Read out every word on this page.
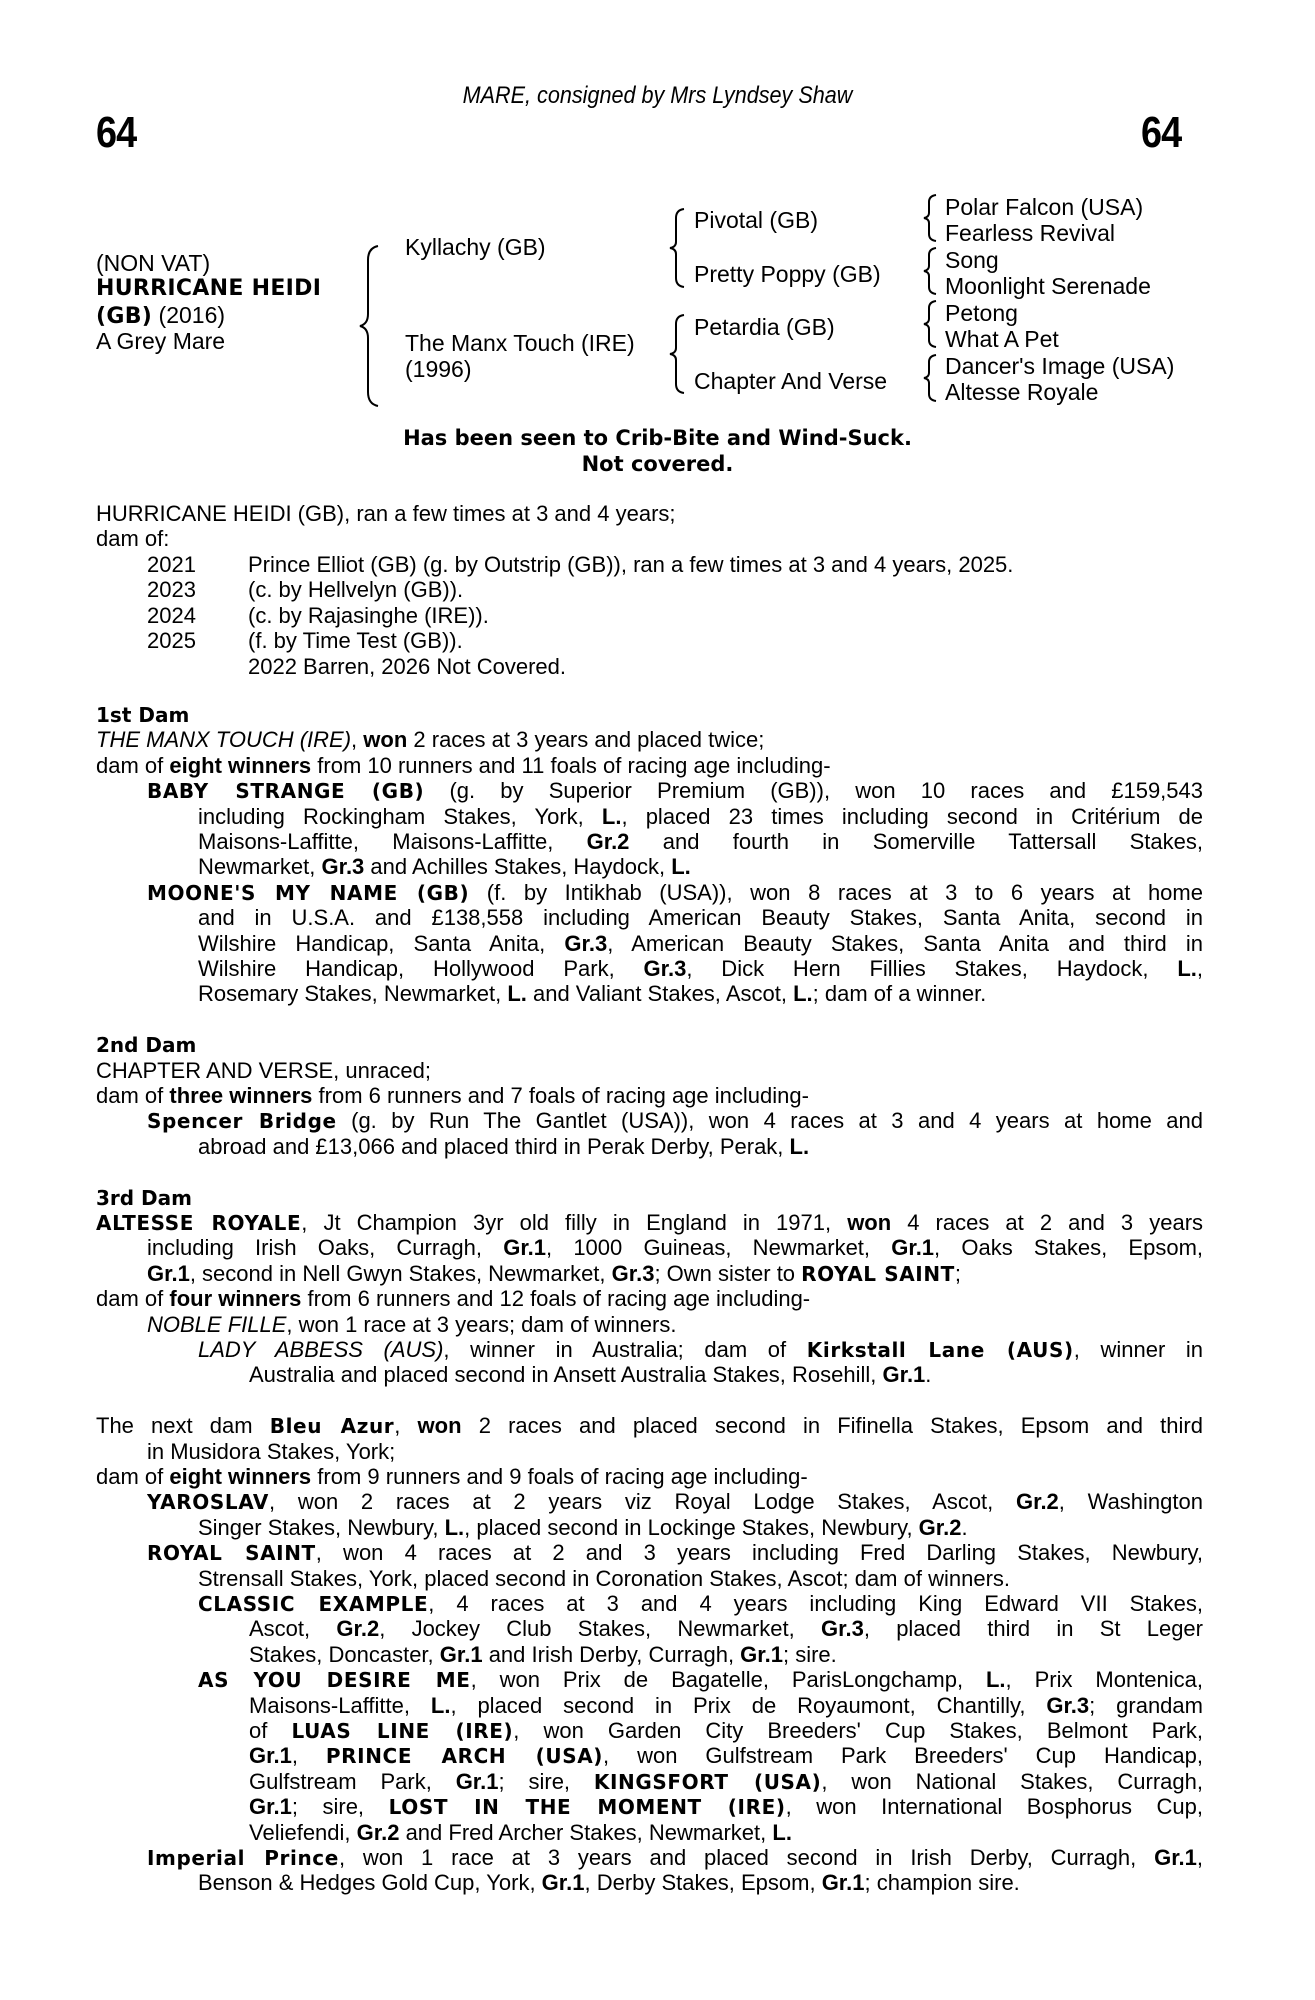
MARE, consigned by Mrs Lyndsey Shaw
64	64
(NON VAT)
HURRICANE HEIDI
(GB) (2016)
A Grey Mare
Kyllachy (GB)
The Manx Touch (IRE)
(1996)
Pivotal (GB)
Pretty Poppy (GB)
Petardia (GB)
Chapter And Verse
Polar Falcon (USA)
Fearless Revival
Song
Moonlight Serenade
Petong
What A Pet
Dancer's Image (USA)
Altesse Royale
Has been seen to Crib-Bite and Wind-Suck.
Not covered.
HURRICANE HEIDI (GB), ran a few times at 3 and 4 years;
dam of:
2021 Prince Elliot (GB) (g. by Outstrip (GB)), ran a few times at 3 and 4 years, 2025.
2023 (c. by Hellvelyn (GB)).
2024 (c. by Rajasinghe (IRE)).
2025 (f. by Time Test (GB)).
2022 Barren, 2026 Not Covered.
1st Dam
THE MANX TOUCH (IRE), won 2 races at 3 years and placed twice;
dam of eight winners from 10 runners and 11 foals of racing age including-
BABY STRANGE (GB) (g. by Superior Premium (GB)), won 10 races and £159,543
including Rockingham Stakes, York, L., placed 23 times including second in Critérium de
Maisons-Laffitte, Maisons-Laffitte, Gr.2 and fourth in Somerville Tattersall Stakes,
Newmarket, Gr.3 and Achilles Stakes, Haydock, L.
MOONE'S MY NAME (GB) (f. by Intikhab (USA)), won 8 races at 3 to 6 years at home
and in U.S.A. and £138,558 including American Beauty Stakes, Santa Anita, second in
Wilshire Handicap, Santa Anita, Gr.3, American Beauty Stakes, Santa Anita and third in
Wilshire Handicap, Hollywood Park, Gr.3, Dick Hern Fillies Stakes, Haydock, L.,
Rosemary Stakes, Newmarket, L. and Valiant Stakes, Ascot, L.; dam of a winner.
2nd Dam
CHAPTER AND VERSE, unraced;
dam of three winners from 6 runners and 7 foals of racing age including-
Spencer Bridge (g. by Run The Gantlet (USA)), won 4 races at 3 and 4 years at home and
abroad and £13,066 and placed third in Perak Derby, Perak, L.
3rd Dam
ALTESSE ROYALE, Jt Champion 3yr old filly in England in 1971, won 4 races at 2 and 3 years
including Irish Oaks, Curragh, Gr.1, 1000 Guineas, Newmarket, Gr.1, Oaks Stakes, Epsom,
Gr.1, second in Nell Gwyn Stakes, Newmarket, Gr.3; Own sister to ROYAL SAINT;
dam of four winners from 6 runners and 12 foals of racing age including-
NOBLE FILLE, won 1 race at 3 years; dam of winners.
LADY ABBESS (AUS), winner in Australia; dam of Kirkstall Lane (AUS), winner in
Australia and placed second in Ansett Australia Stakes, Rosehill, Gr.1.
The next dam Bleu Azur, won 2 races and placed second in Fifinella Stakes, Epsom and third
in Musidora Stakes, York;
dam of eight winners from 9 runners and 9 foals of racing age including-
YAROSLAV, won 2 races at 2 years viz Royal Lodge Stakes, Ascot, Gr.2, Washington
Singer Stakes, Newbury, L., placed second in Lockinge Stakes, Newbury, Gr.2.
ROYAL SAINT, won 4 races at 2 and 3 years including Fred Darling Stakes, Newbury,
Strensall Stakes, York, placed second in Coronation Stakes, Ascot; dam of winners.
CLASSIC EXAMPLE, 4 races at 3 and 4 years including King Edward VII Stakes,
Ascot, Gr.2, Jockey Club Stakes, Newmarket, Gr.3, placed third in St Leger
Stakes, Doncaster, Gr.1 and Irish Derby, Curragh, Gr.1; sire.
AS YOU DESIRE ME, won Prix de Bagatelle, ParisLongchamp, L., Prix Montenica,
Maisons-Laffitte, L., placed second in Prix de Royaumont, Chantilly, Gr.3; grandam
of LUAS LINE (IRE), won Garden City Breeders' Cup Stakes, Belmont Park,
Gr.1, PRINCE ARCH (USA), won Gulfstream Park Breeders' Cup Handicap,
Gulfstream Park, Gr.1; sire, KINGSFORT (USA), won National Stakes, Curragh,
Gr.1; sire, LOST IN THE MOMENT (IRE), won International Bosphorus Cup,
Veliefendi, Gr.2 and Fred Archer Stakes, Newmarket, L.
Imperial Prince, won 1 race at 3 years and placed second in Irish Derby, Curragh, Gr.1,
Benson & Hedges Gold Cup, York, Gr.1, Derby Stakes, Epsom, Gr.1; champion sire.
